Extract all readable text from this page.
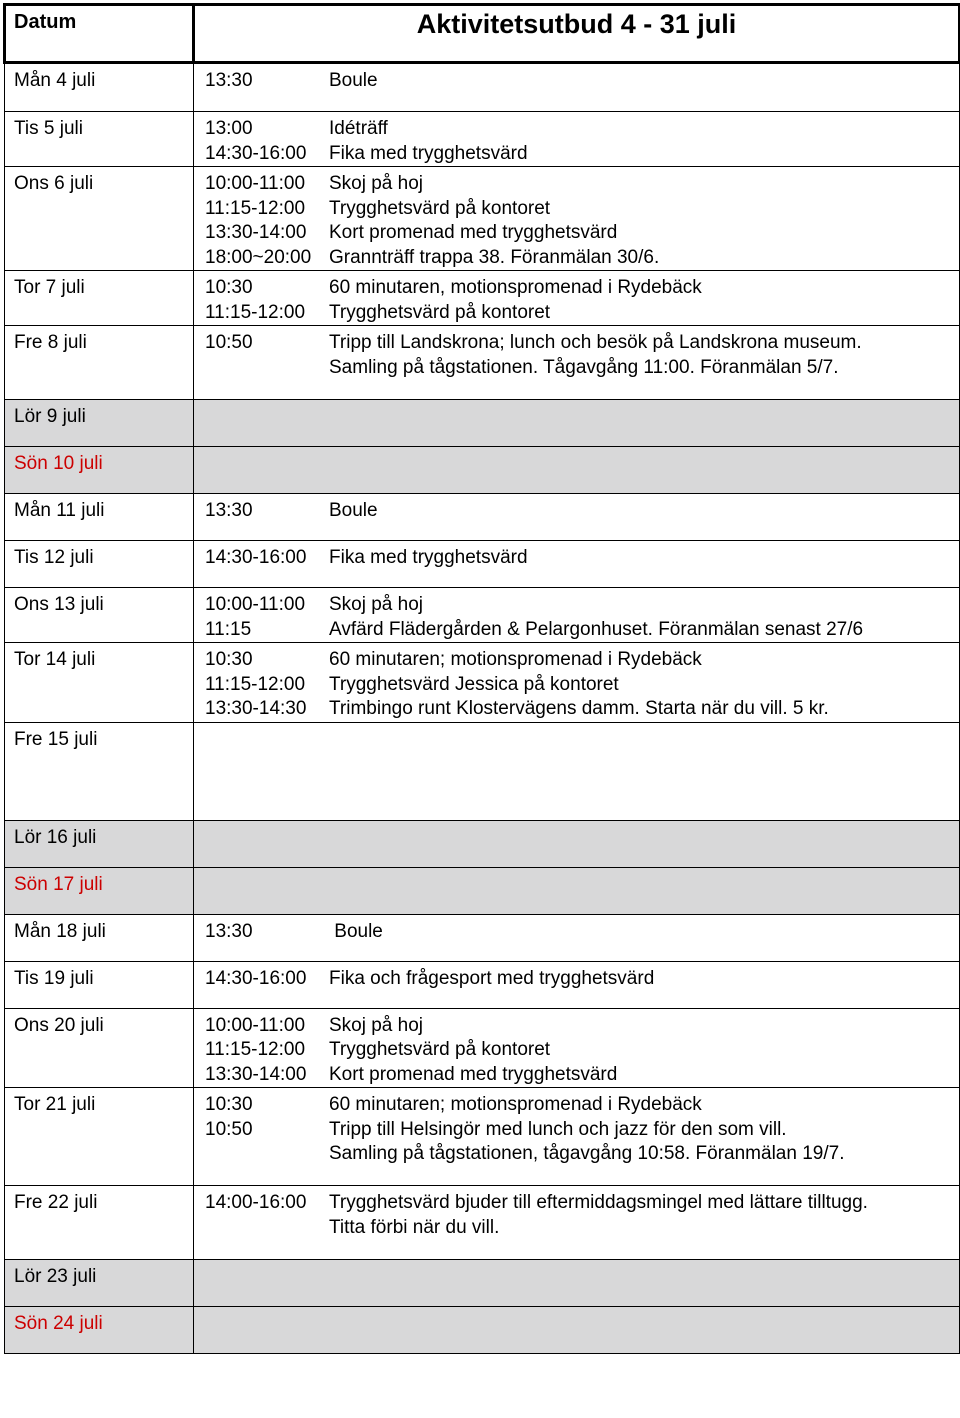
Datum	Aktivitetsutbud 4 - 31 juli
Mån 4 juli	13:30 Boule

Tis 5 juli	13:00 Idéträff
14:30-16:00 Fika med trygghetsvärd

Ons 6 juli	10:00-11:00 Skoj på hoj
11:15-12:00 Trygghetsvärd på kontoret
13:30-14:00 Kort promenad med trygghetsvärd
18:00~20:00 Grannträff trappa 38. Föranmälan 30/6.

Tor 7 juli	10:30 60 minutaren, motionspromenad i Rydebäck
11:15-12:00 Trygghetsvärd på kontoret

Fre 8 juli	10:50 Tripp till Landskrona; lunch och besök på Landskrona museum.
Samling på tågstationen. Tågavgång 11:00. Föranmälan 5/7.

Lör 9 juli	
Sön 10 juli	
Mån 11 juli	13:30 Boule

Tis 12 juli	14:30-16:00 Fika med trygghetsvärd

Ons 13 juli	10:00-11:00 Skoj på hoj
11:15 Avfärd Flädergården & Pelargonhuset. Föranmälan senast 27/6

Tor 14 juli	10:30 60 minutaren; motionspromenad i Rydebäck
11:15-12:00 Trygghetsvärd Jessica på kontoret
13:30-14:30 Trimbingo runt Klostervägens damm. Starta när du vill. 5 kr.

Fre 15 juli	
Lör 16 juli	
Sön 17 juli	
Mån 18 juli	13:30 Boule

Tis 19 juli	14:30-16:00 Fika och frågesport med trygghetsvärd

Ons 20 juli	10:00-11:00 Skoj på hoj
11:15-12:00 Trygghetsvärd på kontoret
13:30-14:00 Kort promenad med trygghetsvärd

Tor 21 juli	10:30 60 minutaren; motionspromenad i Rydebäck
10:50 Tripp till Helsingör med lunch och jazz för den som vill.
Samling på tågstationen, tågavgång 10:58. Föranmälan 19/7.

Fre 22 juli	14:00-16:00 Trygghetsvärd bjuder till eftermiddagsmingel med lättare tilltugg.
Titta förbi när du vill.

Lör 23 juli	
Sön 24 juli	
